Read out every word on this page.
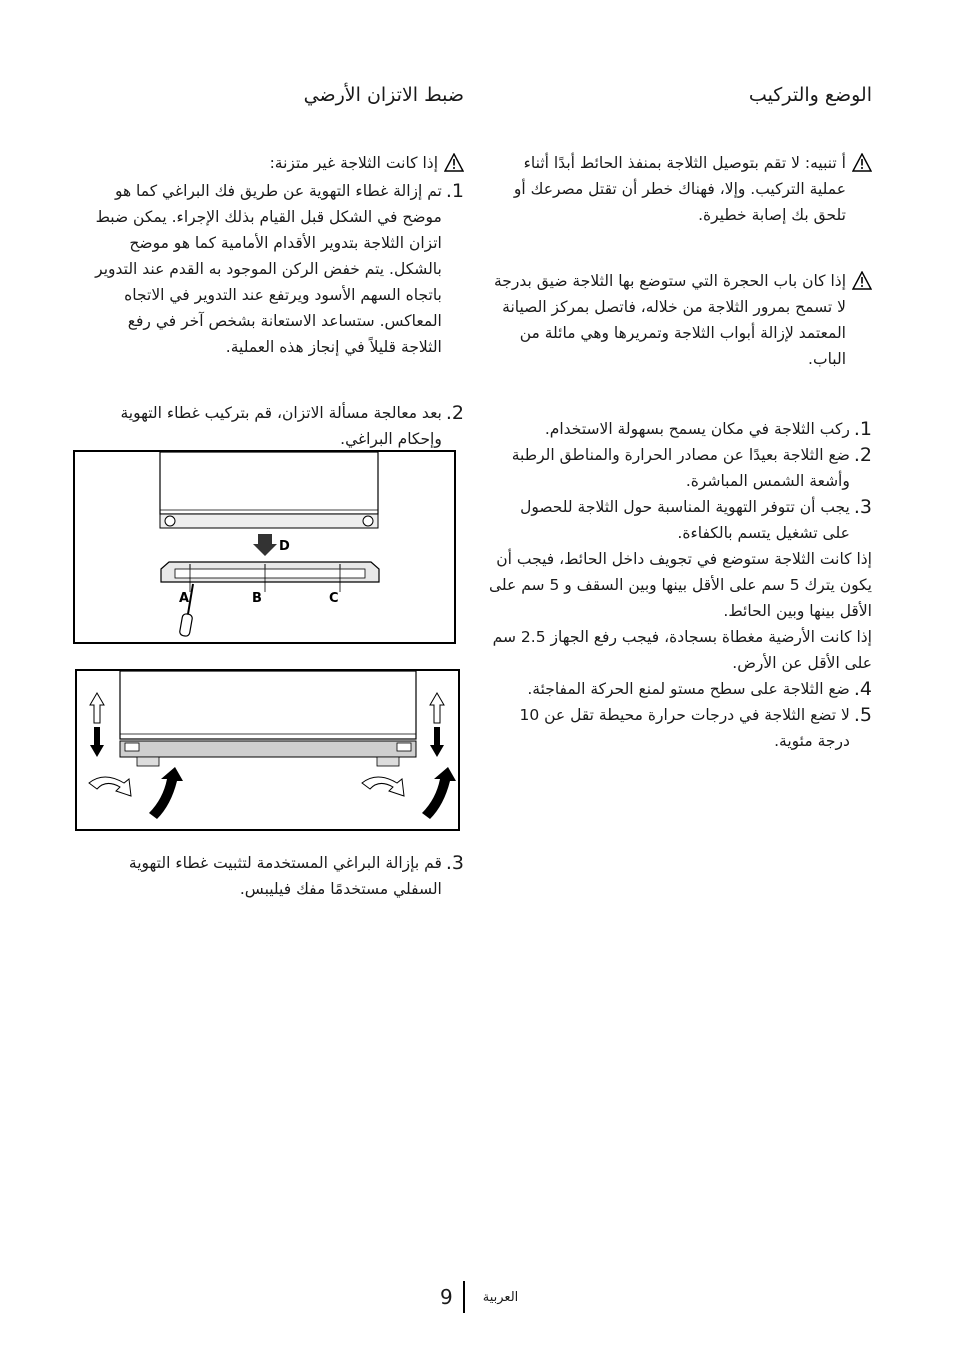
الوضع والتركيب
أ تنبيه: لا تقم بتوصيل الثلاجة بمنفذ الحائط أبدًا أثناء عملية التركيب. وإلا، فهناك خطر أن تقتل مصرعك أو تلحق بك إصابة خطيرة.
إذا كان باب الحجرة التي ستوضع بها الثلاجة ضيق بدرجة لا تسمح بمرور الثلاجة من خلاله، فاتصل بمركز الصيانة المعتمد لإزالة أبواب الثلاجة وتمريرها وهي مائلة من الباب.
1.
ركب الثلاجة في مكان يسمح بسهولة الاستخدام.
2.
ضع الثلاجة بعيدًا عن مصادر الحرارة والمناطق الرطبة وأشعة الشمس المباشرة.
3.
يجب أن تتوفر التهوية المناسبة حول الثلاجة للحصول على تشغيل يتسم بالكفاءة.

إذا كانت الثلاجة ستوضع في تجويف داخل الحائط، فيجب أن يكون يترك 5 سم على الأقل بينها وبين السقف و 5 سم على الأقل بينها وبين الحائط.

إذا كانت الأرضية مغطاة بسجادة، فيجب رفع الجهاز 2.5 سم على الأقل عن الأرض.

4.
ضع الثلاجة على سطح مستو لمنع الحركة المفاجئة.
5.
لا تضع الثلاجة في درجات حرارة محيطة تقل عن 10 درجة مئوية.
ضبط الاتزان الأرضي
إذا كانت الثلاجة غير متزنة:
1.
تم إزالة غطاء التهوية عن طريق فك البراغي كما هو موضح في الشكل قبل القيام بذلك الإجراء. يمكن ضبط اتزان الثلاجة بتدوير الأقدام الأمامية كما هو موضح بالشكل. يتم خفض الركن الموجود به القدم عند التدوير باتجاه السهم الأسود ويرتفع عند التدوير في الاتجاه المعاكس. ستساعد الاستعانة بشخص آخر في رفع الثلاجة قليلاً في إنجاز هذه العملية.
2.
بعد معالجة مسألة الاتزان، قم بتركيب غطاء التهوية وإحكام البراغي.
D
A	B	C
3.
قم بإزالة البراغي المستخدمة لتثبيت غطاء التهوية السفلي مستخدمًا مفك فيليبس.
9 العربية
